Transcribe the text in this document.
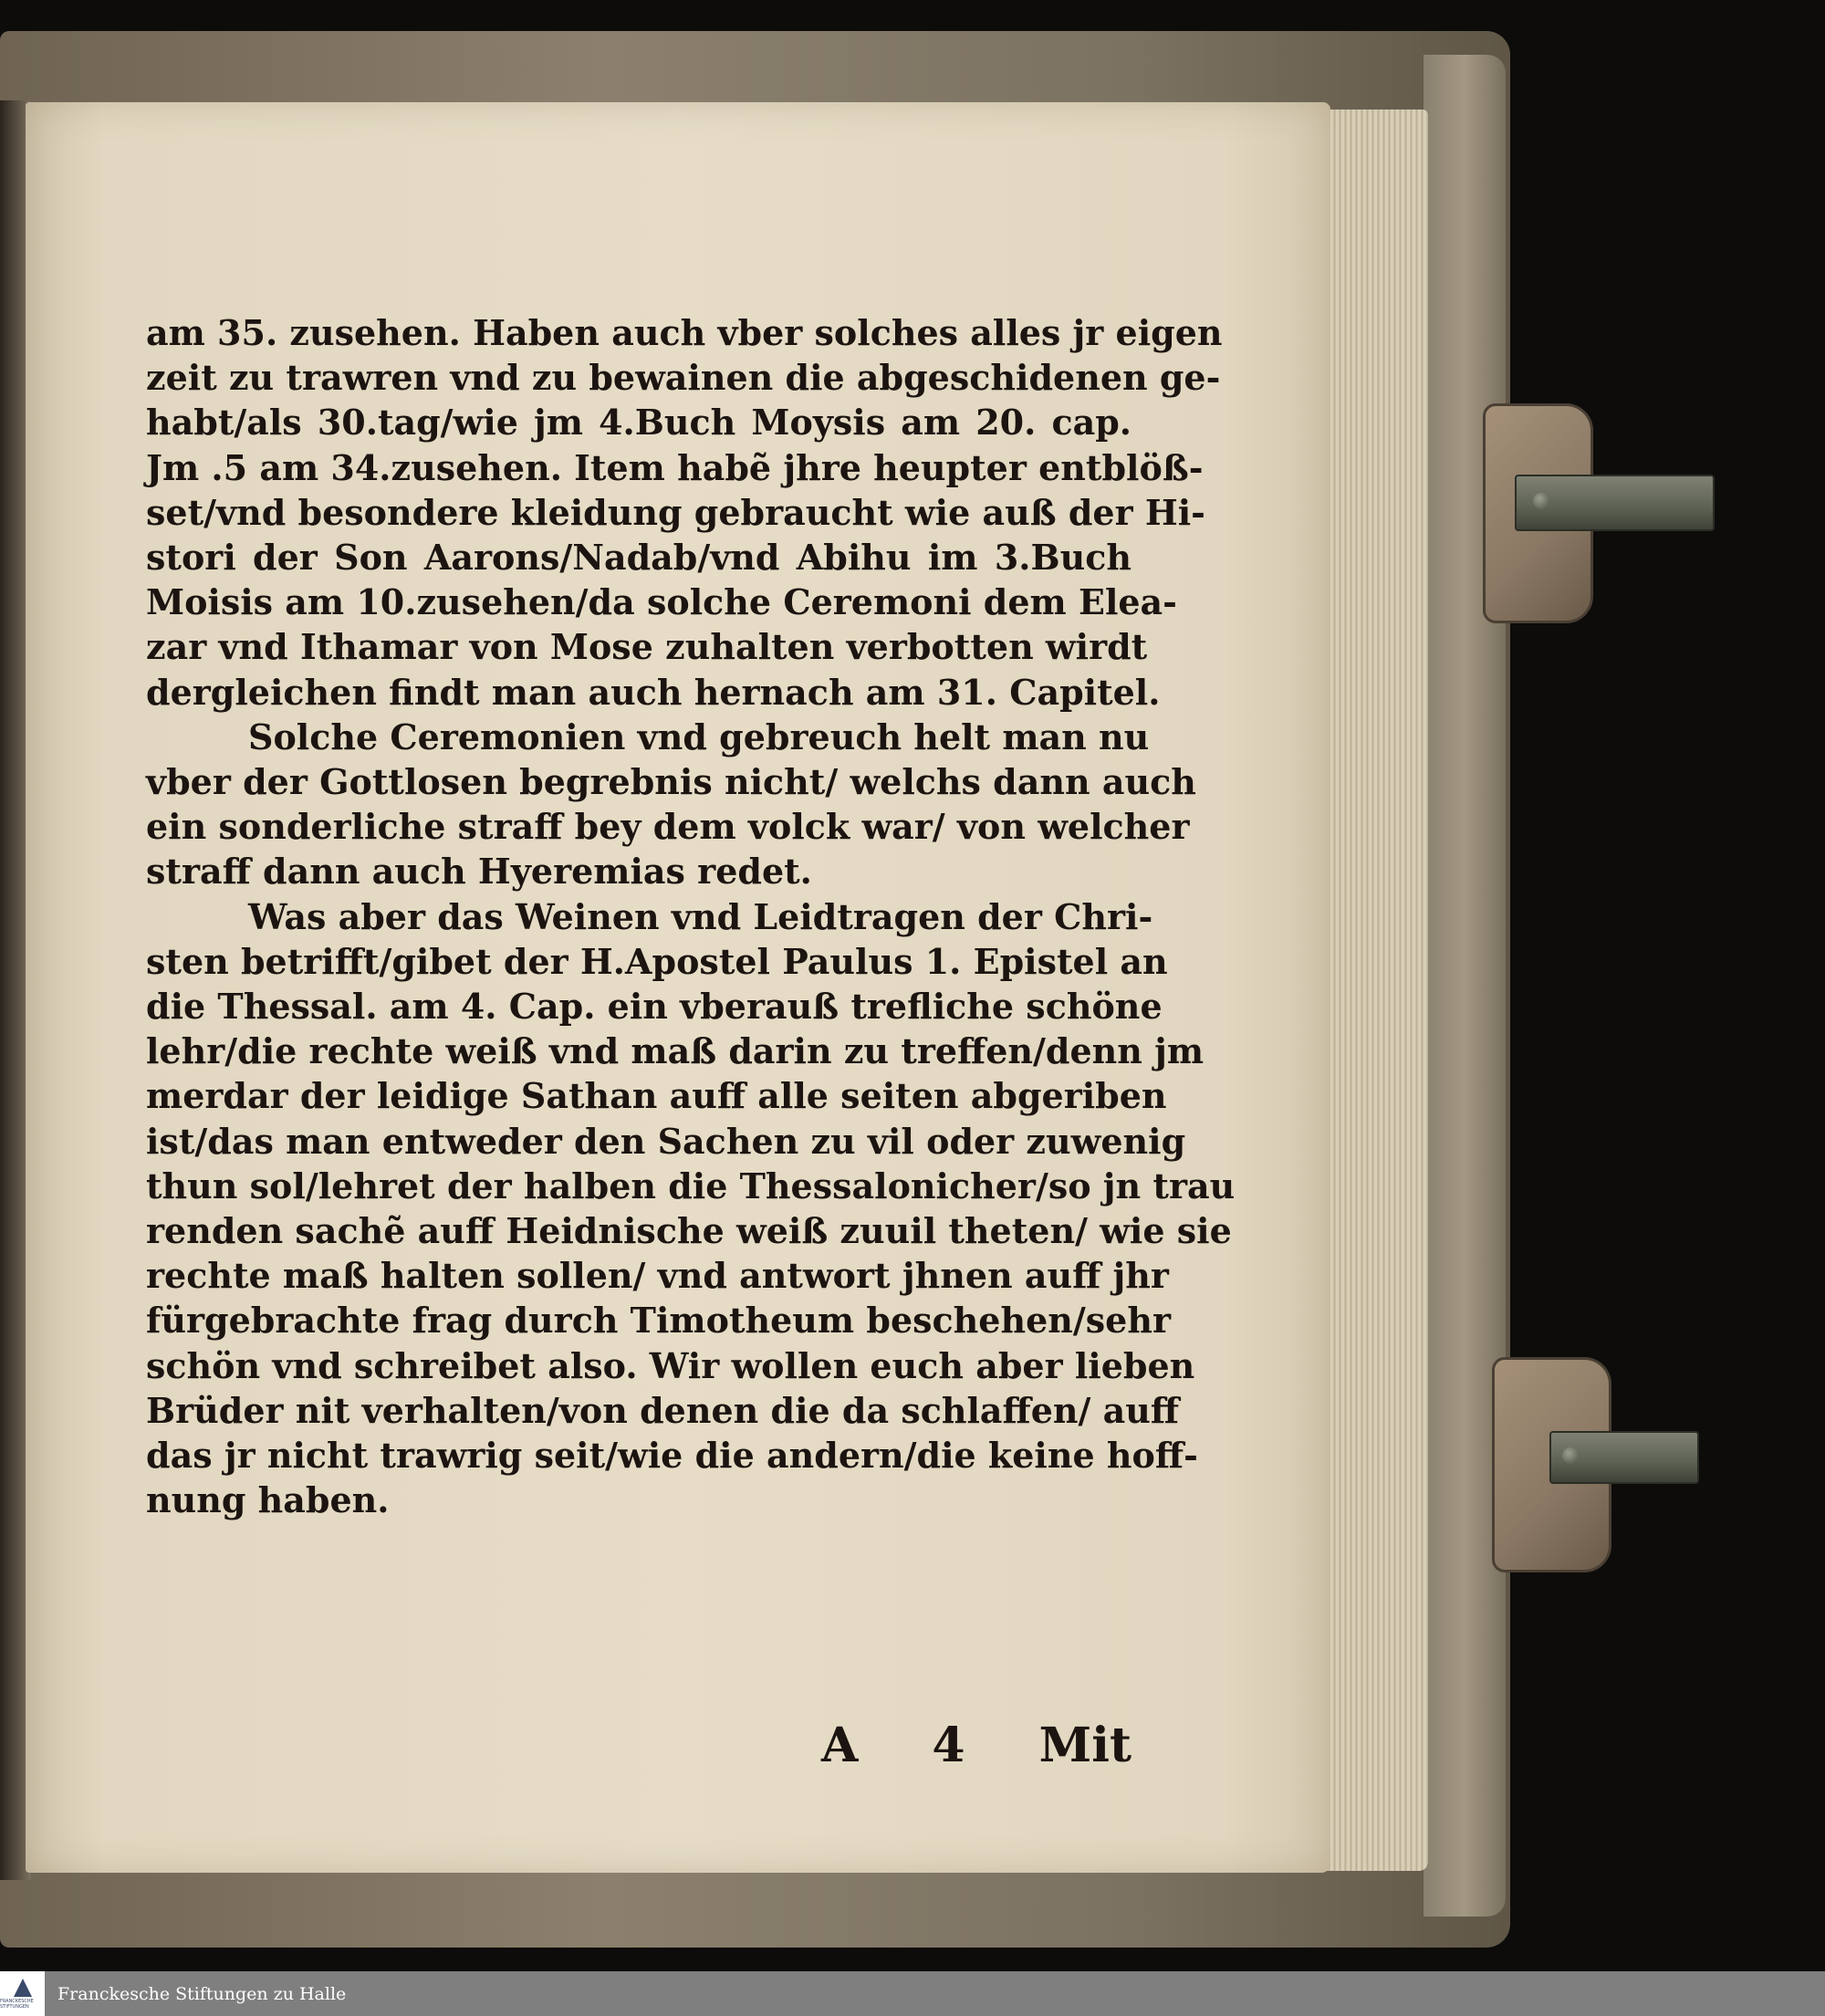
am 35. zusehen. Haben auch vber solches alles jr eigen
zeit zu trawren vnd zu bewainen die abgeschidenen ge-
habt/als 30.tag/wie jm 4.Buch Moysis am 20. cap.
Jm .5 am 34.zusehen. Item habẽ jhre heupter entblöß-
set/vnd besondere kleidung gebraucht wie auß der Hi-
stori der Son Aarons/Nadab/vnd Abihu im 3.Buch
Moisis am 10.zusehen/da solche Ceremoni dem Elea-
zar vnd Ithamar von Mose zuhalten verbotten wirdt
dergleichen findt man auch hernach am 31. Capitel.
Solche Ceremonien vnd gebreuch helt man nu
vber der Gottlosen begrebnis nicht/ welchs dann auch
ein sonderliche straff bey dem volck war/ von welcher
straff dann auch Hyeremias redet.
Was aber das Weinen vnd Leidtragen der Chri-
sten betrifft/gibet der H.Apostel Paulus 1. Epistel an
die Thessal. am 4. Cap. ein vberauß trefliche schöne
lehr/die rechte weiß vnd maß darin zu treffen/denn jm
merdar der leidige Sathan auff alle seiten abgeriben
ist/das man entweder den Sachen zu vil oder zuwenig
thun sol/lehret der halben die Thessalonicher/so jn trau
renden sachẽ auff Heidnische weiß zuuil theten/ wie sie
rechte maß halten sollen/ vnd antwort jhnen auff jhr
fürgebrachte frag durch Timotheum beschehen/sehr
schön vnd schreibet also. Wir wollen euch aber lieben
Brüder nit verhalten/von denen die da schlaffen/ auff
das jr nicht trawrig seit/wie die andern/die keine hoff-
nung haben.
A 4 Mit
FRANCKESCHE STIFTUNGEN
Franckesche Stiftungen zu Halle
